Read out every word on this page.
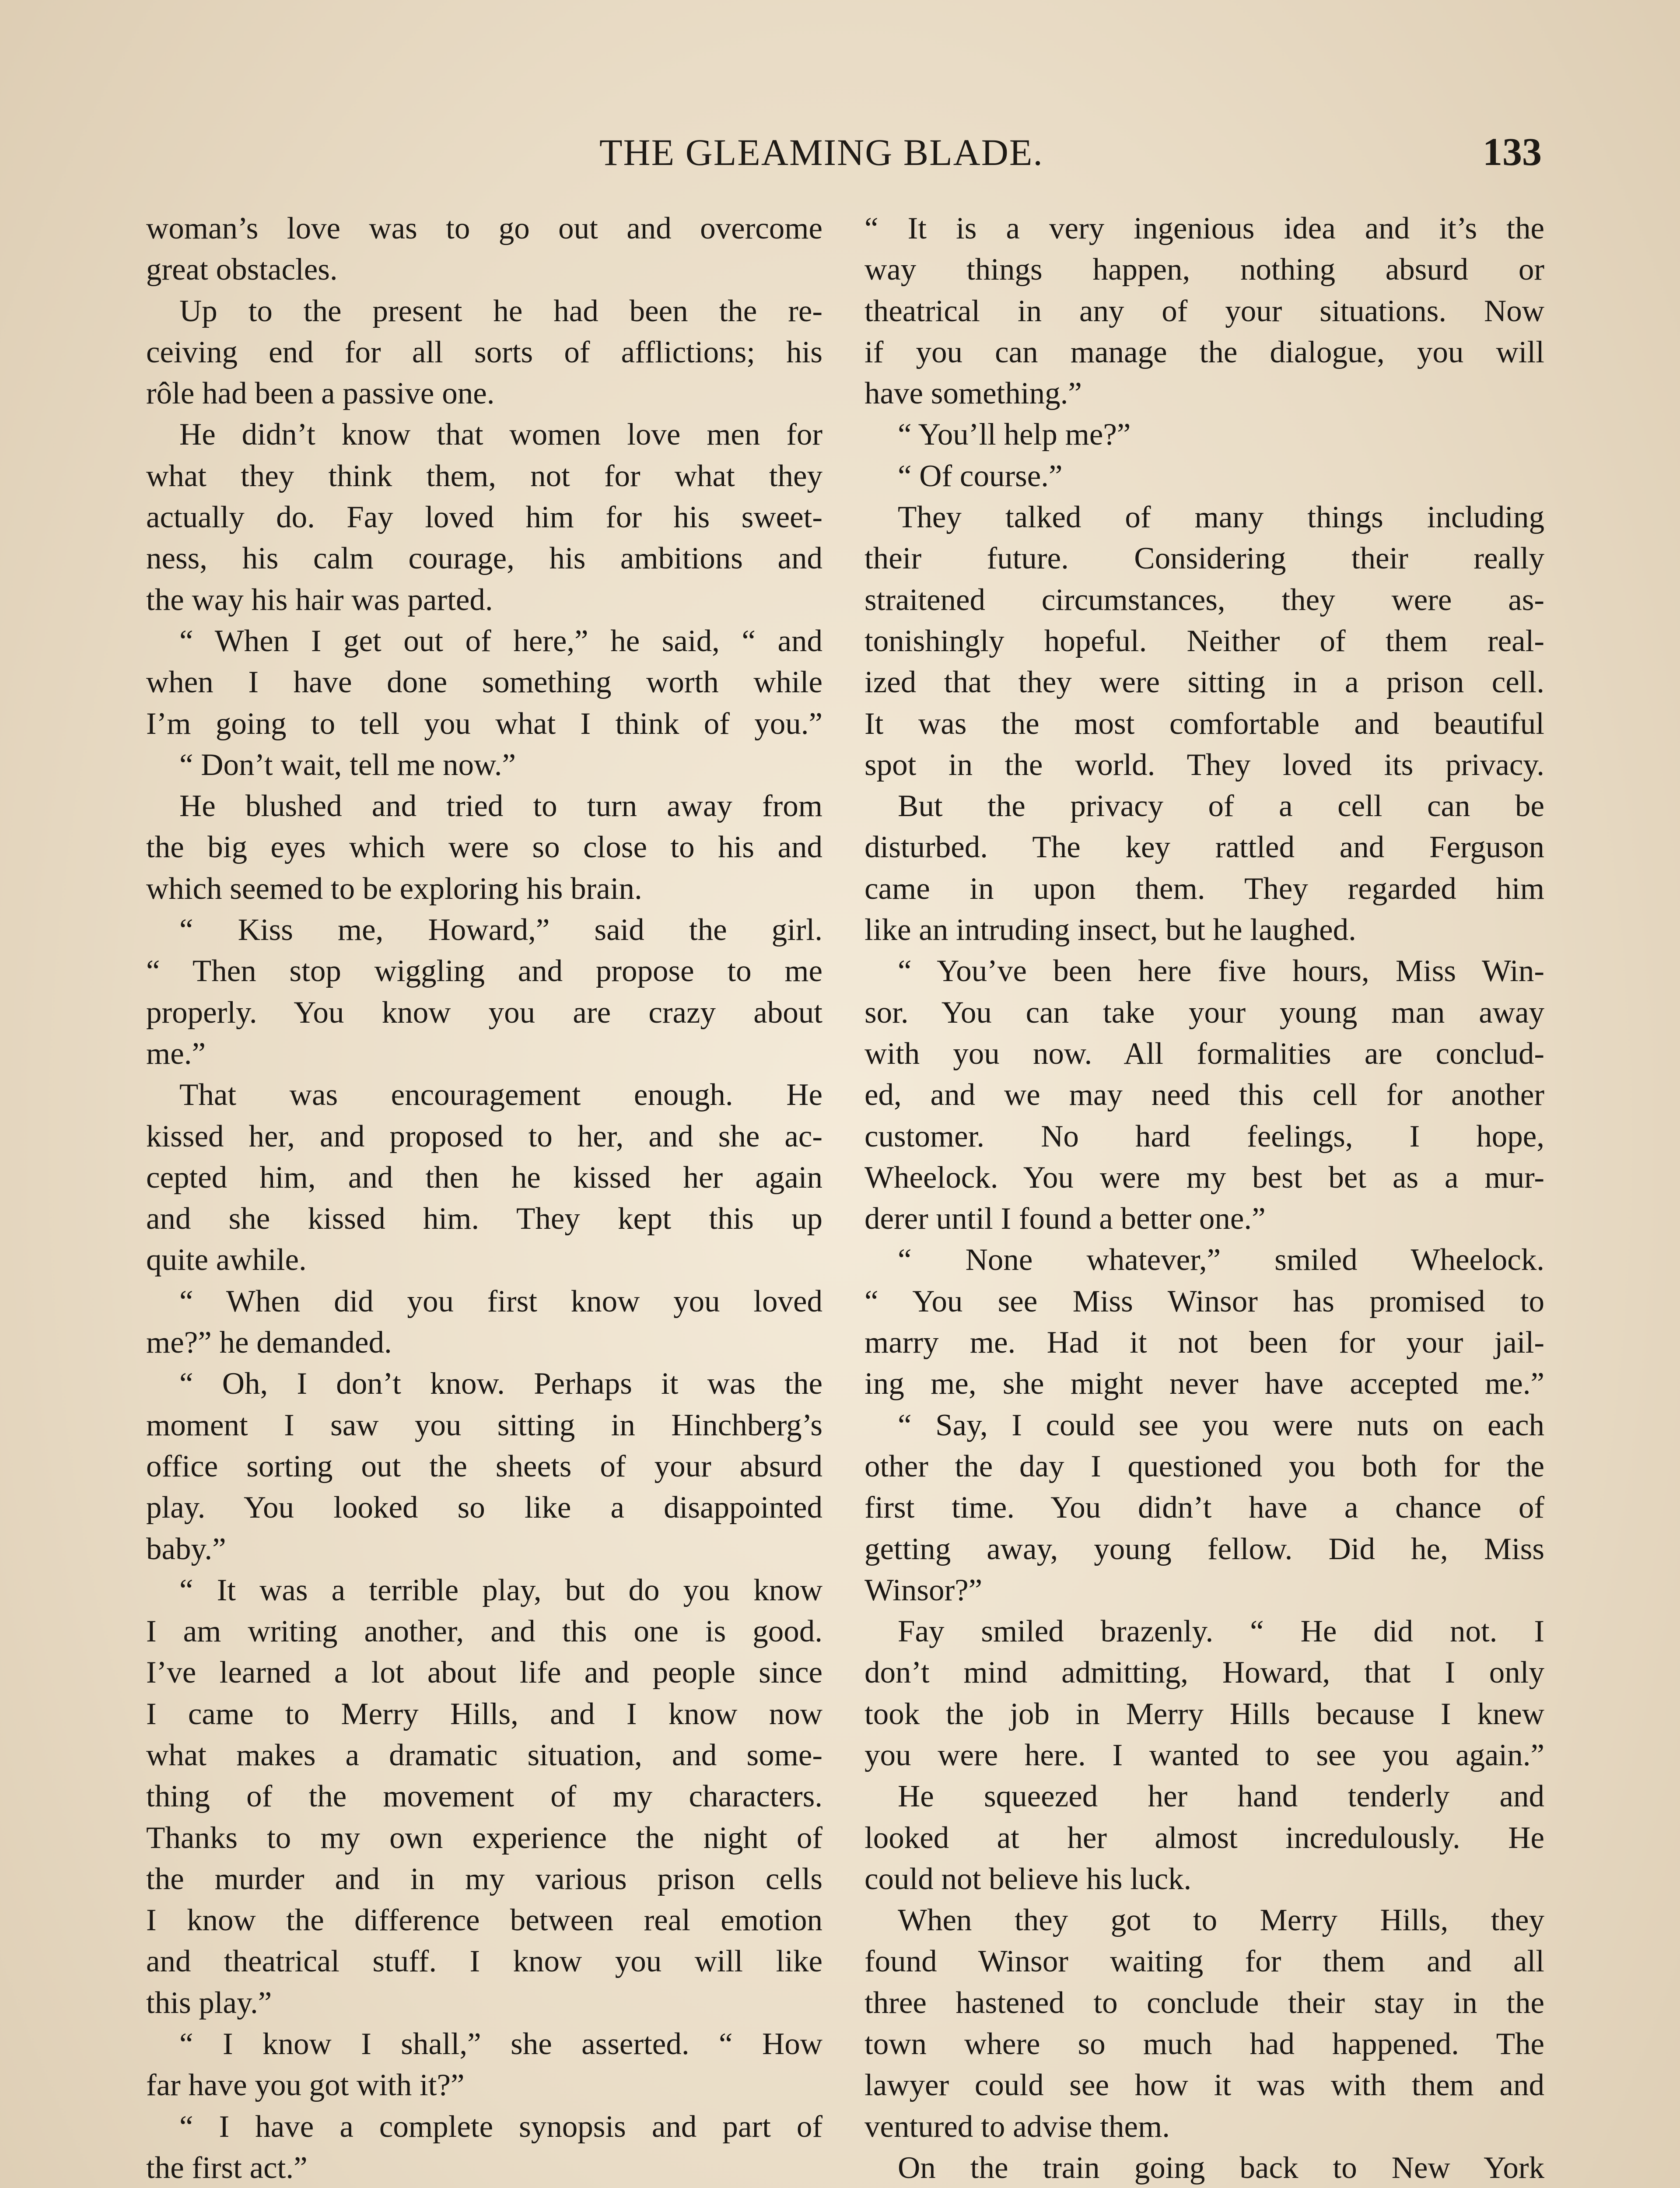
THE GLEAMING BLADE.	133
woman’s love was to go out and overcome
great obstacles.
Up to the present he had been the re-
ceiving end for all sorts of afflictions; his
rôle had been a passive one.
He didn’t know that women love men for
what they think them, not for what they
actually do. Fay loved him for his sweet-
ness, his calm courage, his ambitions and
the way his hair was parted.
“ When I get out of here,” he said, “ and
when I have done something worth while
I’m going to tell you what I think of you.”
“ Don’t wait, tell me now.”
He blushed and tried to turn away from
the big eyes which were so close to his and
which seemed to be exploring his brain.
“ Kiss me, Howard,” said the girl.
“ Then stop wiggling and propose to me
properly. You know you are crazy about
me.”
That was encouragement enough. He
kissed her, and proposed to her, and she ac-
cepted him, and then he kissed her again
and she kissed him. They kept this up
quite awhile.
“ When did you first know you loved
me?” he demanded.
“ Oh, I don’t know. Perhaps it was the
moment I saw you sitting in Hinchberg’s
office sorting out the sheets of your absurd
play. You looked so like a disappointed
baby.”
“ It was a terrible play, but do you know
I am writing another, and this one is good.
I’ve learned a lot about life and people since
I came to Merry Hills, and I know now
what makes a dramatic situation, and some-
thing of the movement of my characters.
Thanks to my own experience the night of
the murder and in my various prison cells
I know the difference between real emotion
and theatrical stuff. I know you will like
this play.”
“ I know I shall,” she asserted. “ How
far have you got with it?”
“ I have a complete synopsis and part of
the first act.”
“ It is a very ingenious idea and it’s the
way things happen, nothing absurd or
theatrical in any of your situations. Now
if you can manage the dialogue, you will
have something.”
“ You’ll help me?”
“ Of course.”
They talked of many things including
their future. Considering their really
straitened circumstances, they were as-
tonishingly hopeful. Neither of them real-
ized that they were sitting in a prison cell.
It was the most comfortable and beautiful
spot in the world. They loved its privacy.
But the privacy of a cell can be
disturbed. The key rattled and Ferguson
came in upon them. They regarded him
like an intruding insect, but he laughed.
“ You’ve been here five hours, Miss Win-
sor. You can take your young man away
with you now. All formalities are conclud-
ed, and we may need this cell for another
customer. No hard feelings, I hope,
Wheelock. You were my best bet as a mur-
derer until I found a better one.”
“ None whatever,” smiled Wheelock.
“ You see Miss Winsor has promised to
marry me. Had it not been for your jail-
ing me, she might never have accepted me.”
“ Say, I could see you were nuts on each
other the day I questioned you both for the
first time. You didn’t have a chance of
getting away, young fellow. Did he, Miss
Winsor?”
Fay smiled brazenly. “ He did not. I
don’t mind admitting, Howard, that I only
took the job in Merry Hills because I knew
you were here. I wanted to see you again.”
He squeezed her hand tenderly and
looked at her almost incredulously. He
could not believe his luck.
When they got to Merry Hills, they
found Winsor waiting for them and all
three hastened to conclude their stay in the
town where so much had happened. The
lawyer could see how it was with them and
ventured to advise them.
On the train going back to New York
